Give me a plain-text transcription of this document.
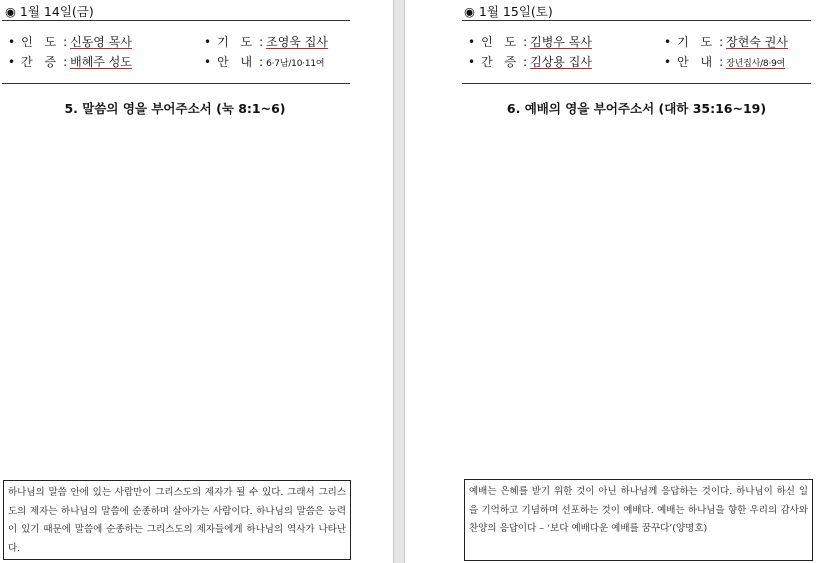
◉ 1월 14일(금)
• 인 도 : 신동영 목사	• 기 도 : 조영욱 집사
• 간 증 : 배혜주 성도	• 안 내 : 6·7남/10·11여
5. 말씀의 영을 부어주소서 (눅 8:1~6)
하나님의 말씀 안에 있는 사람만이 그리스도의 제자가 될 수 있다. 그래서 그리스도의 제자는 하나님의 말씀에 순종하며 살아가는 사람이다. 하나님의 말씀은 능력이 있기 때문에 말씀에 순종하는 그리스도의 제자들에게 하나님의 역사가 나타난다.
◉ 1월 15일(토)
• 인 도 : 김병우 목사	• 기 도 : 장현숙 권사
• 간 증 : 김상용 집사	• 안 내 : 장년집사/8·9여
6. 예배의 영을 부어주소서 (대하 35:16~19)
예배는 은혜를 받기 위한 것이 아닌 하나님께 응답하는 것이다. 하나님이 하신 일을 기억하고 기념하며 선포하는 것이 예배다. 예배는 하나님을 향한 우리의 감사와 찬양의 응답이다 – ‘보다 예배다운 예배를 꿈꾸다’(양명호)
